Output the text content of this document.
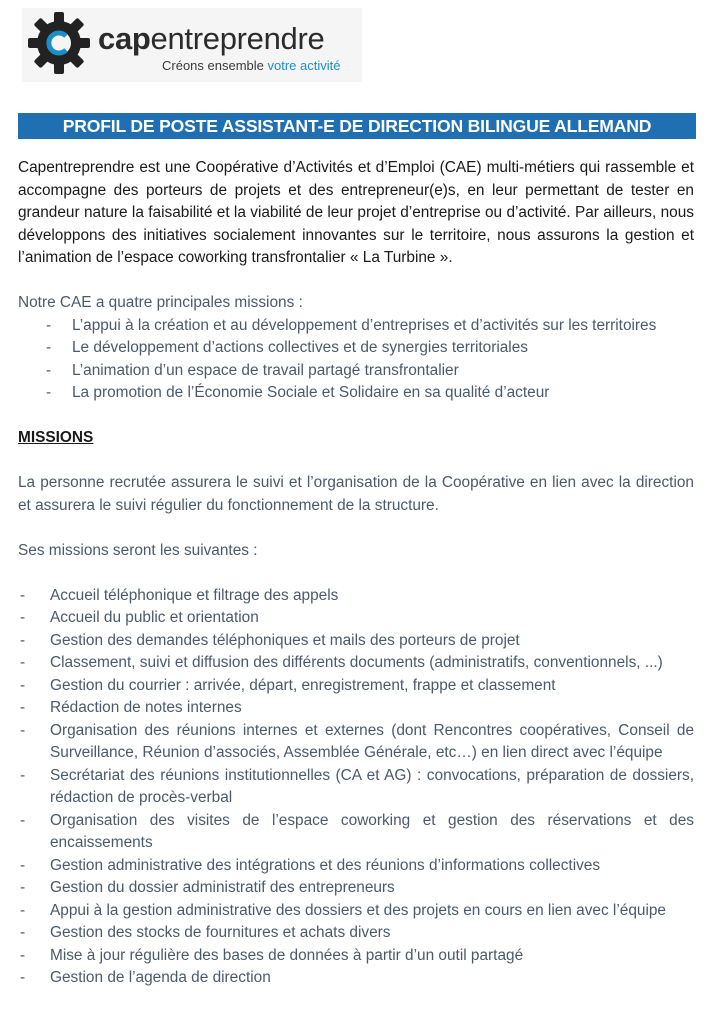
capentreprendre
Créons ensemble votre activité
PROFIL DE POSTE ASSISTANT-E DE DIRECTION BILINGUE ALLEMAND

Capentreprendre est une Coopérative d’Activités et d’Emploi (CAE) multi-métiers qui rassemble et accompagne des porteurs de projets et des entrepreneur(e)s, en leur permettant de tester en grandeur nature la faisabilité et la viabilité de leur projet d’entreprise ou d’activité. Par ailleurs, nous développons des initiatives socialement innovantes sur le territoire, nous assurons la gestion et l’animation de l’espace coworking transfrontalier « La Turbine ».

Notre CAE a quatre principales missions :

- L’appui à la création et au développement d’entreprises et d’activités sur les territoires
- Le développement d’actions collectives et de synergies territoriales
- L’animation d’un espace de travail partagé transfrontalier
- La promotion de l’Économie Sociale et Solidaire en sa qualité d’acteur

MISSIONS

La personne recrutée assurera le suivi et l’organisation de la Coopérative en lien avec la direction et assurera le suivi régulier du fonctionnement de la structure.

Ses missions seront les suivantes :

- Accueil téléphonique et filtrage des appels
- Accueil du public et orientation
- Gestion des demandes téléphoniques et mails des porteurs de projet
- Classement, suivi et diffusion des différents documents (administratifs, conventionnels, ...)
- Gestion du courrier : arrivée, départ, enregistrement, frappe et classement
- Rédaction de notes internes
- Organisation des réunions internes et externes (dont Rencontres coopératives, Conseil de Surveillance, Réunion d’associés, Assemblée Générale, etc…) en lien direct avec l’équipe
- Secrétariat des réunions institutionnelles (CA et AG) : convocations, préparation de dossiers, rédaction de procès-verbal
- Organisation des visites de l’espace coworking et gestion des réservations et des encaissements
- Gestion administrative des intégrations et des réunions d’informations collectives
- Gestion du dossier administratif des entrepreneurs
- Appui à la gestion administrative des dossiers et des projets en cours en lien avec l’équipe
- Gestion des stocks de fournitures et achats divers
- Mise à jour régulière des bases de données à partir d’un outil partagé
- Gestion de l’agenda de direction
